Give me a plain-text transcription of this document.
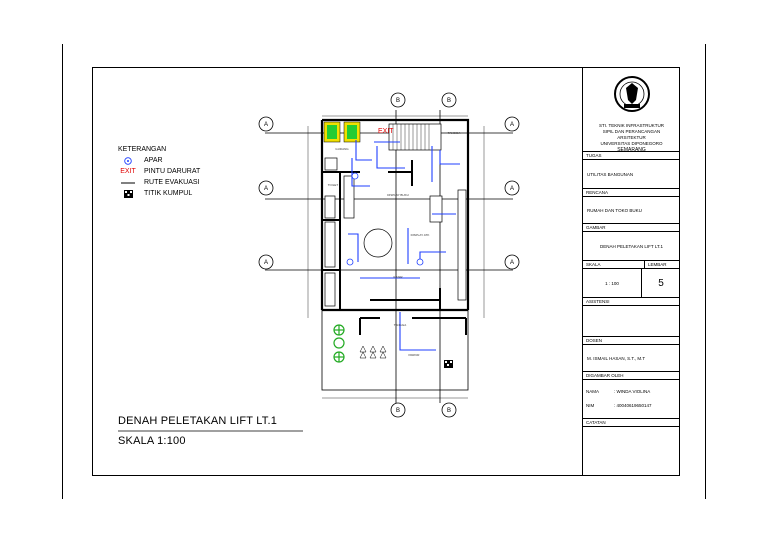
A	A
A	A
A	A
B	B
B	B
EXIT
DISPLAY BUKU
DISPLAY ATK
TANGGA
TANGGA
PARKIR
KASIR
GUDANG
TOILET
KETERANGAN
APAR
EXIT	PINTU DARURAT
RUTE EVAKUASI
TITIK KUMPUL
DENAH PELETAKAN LIFT LT.1
SKALA 1:100
STI. TEKNIK INFRASTRUKTUR
SIPIL DAN PERANCANGAN ARSITEKTUR
UNIVERSITAS DIPONEGORO
SEMARANG
TUGAS
UTILITAS BANGUNAN
RENCANA
RUMAH DAN TOKO BUKU
GAMBAR
DENAH PELETAKAN LIFT LT.1
SKALA	LEMBAR
1 : 100	5
ASISTENSI
DOSEN
M. ISMAIL HASAN, S.T., M.T
DIGAMBAR OLEH
NAMA	: WINDA VIOLINA
NIM	: 40040619650147
CATATAN
